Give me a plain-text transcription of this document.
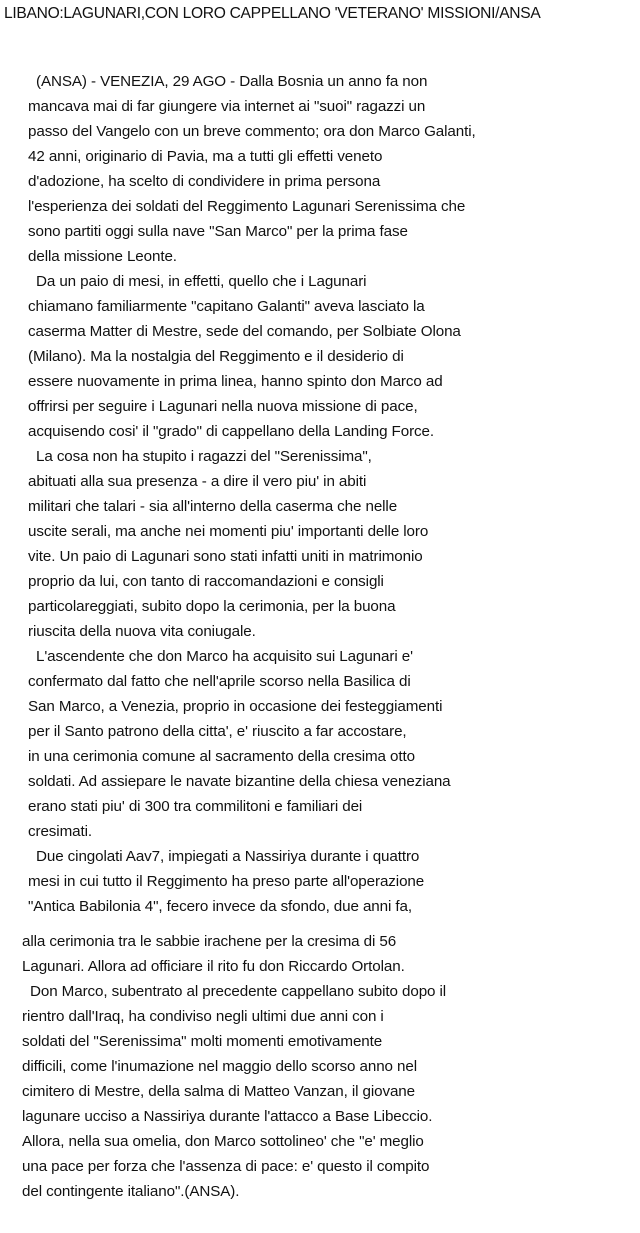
LIBANO:LAGUNARI,CON LORO CAPPELLANO 'VETERANO' MISSIONI/ANSA
(ANSA) - VENEZIA, 29 AGO - Dalla Bosnia un anno fa non
mancava mai di far giungere via internet ai "suoi" ragazzi un
passo del Vangelo con un breve commento; ora don Marco Galanti,
42 anni, originario di Pavia, ma a tutti gli effetti veneto
d'adozione, ha scelto di condividere in prima persona
l'esperienza dei soldati del Reggimento Lagunari Serenissima che
sono partiti oggi sulla nave "San Marco" per la prima fase
della missione Leonte.
Da un paio di mesi, in effetti, quello che i Lagunari
chiamano familiarmente "capitano Galanti" aveva lasciato la
caserma Matter di Mestre, sede del comando, per Solbiate Olona
(Milano). Ma la nostalgia del Reggimento e il desiderio di
essere nuovamente in prima linea, hanno spinto don Marco ad
offrirsi per seguire i Lagunari nella nuova missione di pace,
acquisendo cosi' il "grado" di cappellano della Landing Force.
La cosa non ha stupito i ragazzi del "Serenissima",
abituati alla sua presenza - a dire il vero piu' in abiti
militari che talari - sia all'interno della caserma che nelle
uscite serali, ma anche nei momenti piu' importanti delle loro
vite. Un paio di Lagunari sono stati infatti uniti in matrimonio
proprio da lui, con tanto di raccomandazioni e consigli
particolareggiati, subito dopo la cerimonia, per la buona
riuscita della nuova vita coniugale.
L'ascendente che don Marco ha acquisito sui Lagunari e'
confermato dal fatto che nell'aprile scorso nella Basilica di
San Marco, a Venezia, proprio in occasione dei festeggiamenti
per il Santo patrono della citta', e' riuscito a far accostare,
in una cerimonia comune al sacramento della cresima otto
soldati. Ad assiepare le navate bizantine della chiesa veneziana
erano stati piu' di 300 tra commilitoni e familiari dei
cresimati.
Due cingolati Aav7, impiegati a Nassiriya durante i quattro
mesi in cui tutto il Reggimento ha preso parte all'operazione
"Antica Babilonia 4", fecero invece da sfondo, due anni fa,
alla cerimonia tra le sabbie irachene per la cresima di 56
Lagunari. Allora ad officiare il rito fu don Riccardo Ortolan.
Don Marco, subentrato al precedente cappellano subito dopo il
rientro dall'Iraq, ha condiviso negli ultimi due anni con i
soldati del "Serenissima" molti momenti emotivamente
difficili, come l'inumazione nel maggio dello scorso anno nel
cimitero di Mestre, della salma di Matteo Vanzan, il giovane
lagunare ucciso a Nassiriya durante l'attacco a Base Libeccio.
Allora, nella sua omelia, don Marco sottolineo' che "e' meglio
una pace per forza che l'assenza di pace: e' questo il compito
del contingente italiano".(ANSA).
